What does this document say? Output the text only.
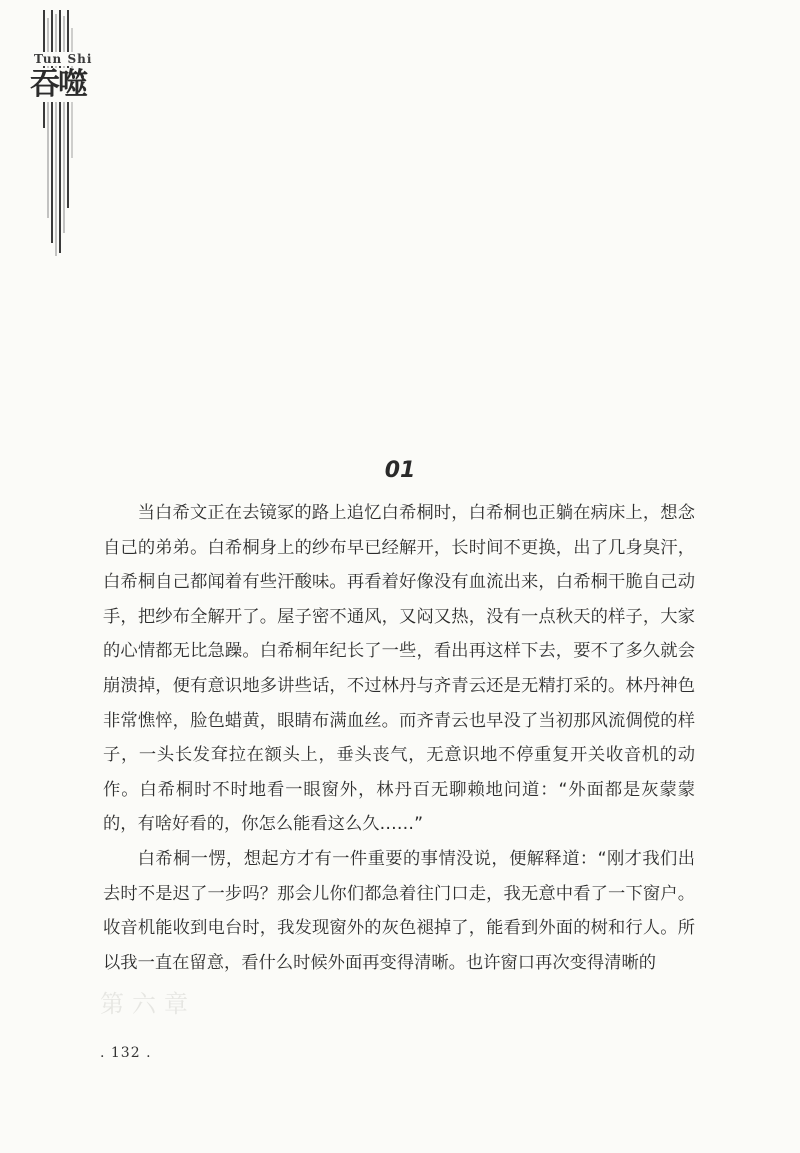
Tun Shi
吞噬
01

当白希文正在去镜冢的路上追忆白希桐时，白希桐也正躺在病床上，想念自己的弟弟。白希桐身上的纱布早已经解开，长时间不更换，出了几身臭汗，白希桐自己都闻着有些汗酸味。再看着好像没有血流出来，白希桐干脆自己动手，把纱布全解开了。屋子密不通风，又闷又热，没有一点秋天的样子，大家的心情都无比急躁。白希桐年纪长了一些，看出再这样下去，要不了多久就会崩溃掉，便有意识地多讲些话，不过林丹与齐青云还是无精打采的。林丹神色非常憔悴，脸色蜡黄，眼睛布满血丝。而齐青云也早没了当初那风流倜傥的样子，一头长发耷拉在额头上，垂头丧气，无意识地不停重复开关收音机的动作。白希桐时不时地看一眼窗外，林丹百无聊赖地问道：“外面都是灰蒙蒙的，有啥好看的，你怎么能看这么久……”

白希桐一愣，想起方才有一件重要的事情没说，便解释道：“刚才我们出去时不是迟了一步吗？那会儿你们都急着往门口走，我无意中看了一下窗户。收音机能收到电台时，我发现窗外的灰色褪掉了，能看到外面的树和行人。所以我一直在留意，看什么时候外面再变得清晰。也许窗口再次变得清晰的

第六章
. 132 .
